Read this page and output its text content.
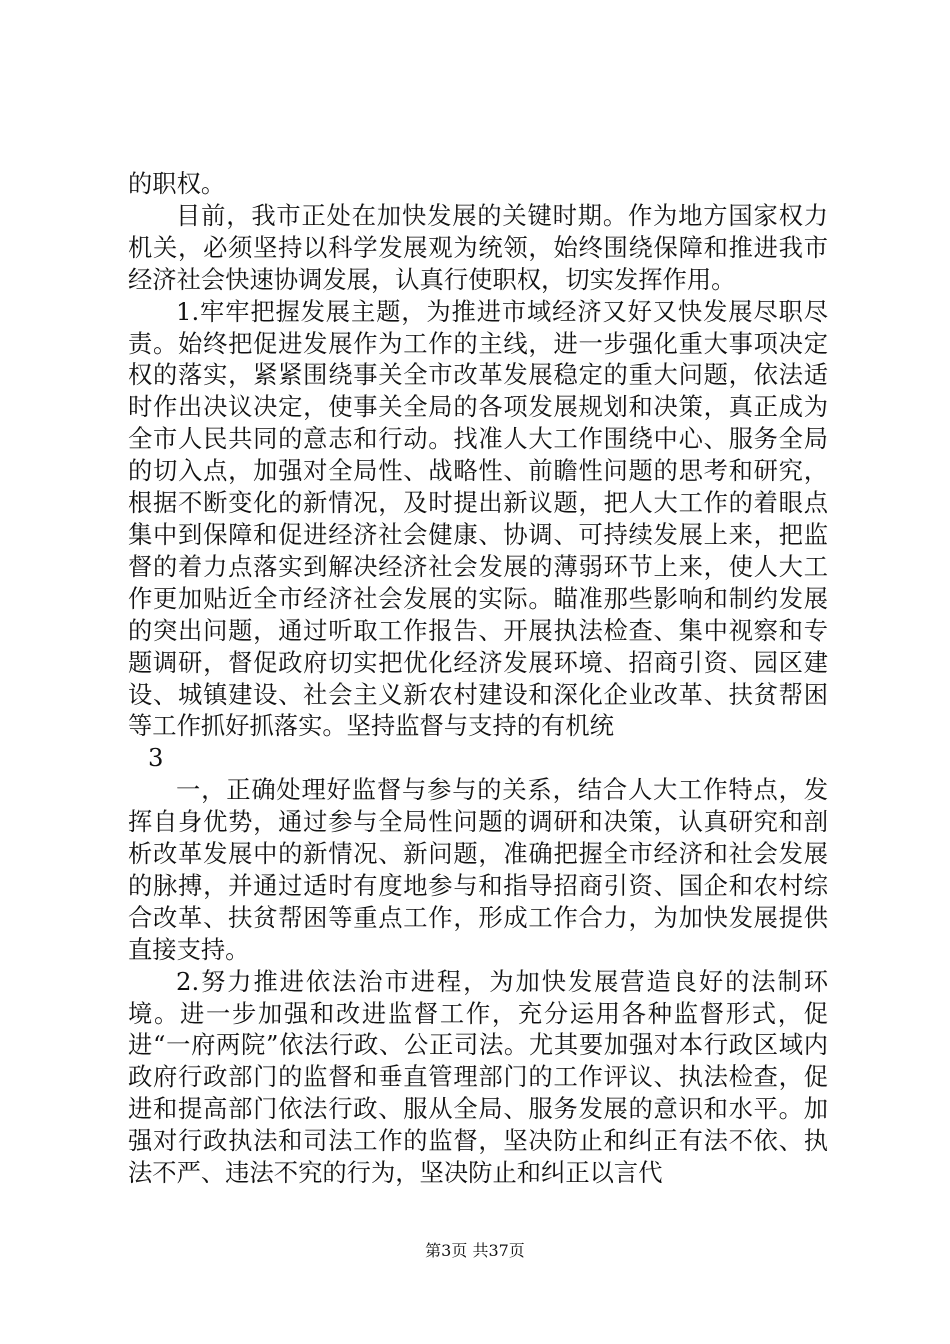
的职权。

目前，我市正处在加快发展的关键时期。作为地方国家权力机关，必须坚持以科学发展观为统领，始终围绕保障和推进我市经济社会快速协调发展，认真行使职权，切实发挥作用。

1.牢牢把握发展主题，为推进市域经济又好又快发展尽职尽责。始终把促进发展作为工作的主线，进一步强化重大事项决定权的落实，紧紧围绕事关全市改革发展稳定的重大问题，依法适时作出决议决定，使事关全局的各项发展规划和决策，真正成为全市人民共同的意志和行动。找准人大工作围绕中心、服务全局的切入点，加强对全局性、战略性、前瞻性问题的思考和研究，根据不断变化的新情况，及时提出新议题，把人大工作的着眼点集中到保障和促进经济社会健康、协调、可持续发展上来，把监督的着力点落实到解决经济社会发展的薄弱环节上来，使人大工作更加贴近全市经济社会发展的实际。瞄准那些影响和制约发展的突出问题，通过听取工作报告、开展执法检查、集中视察和专题调研，督促政府切实把优化经济发展环境、招商引资、园区建设、城镇建设、社会主义新农村建设和深化企业改革、扶贫帮困等工作抓好抓落实。坚持监督与支持的有机统

3

一，正确处理好监督与参与的关系，结合人大工作特点，发挥自身优势，通过参与全局性问题的调研和决策，认真研究和剖析改革发展中的新情况、新问题，准确把握全市经济和社会发展的脉搏，并通过适时有度地参与和指导招商引资、国企和农村综合改革、扶贫帮困等重点工作，形成工作合力，为加快发展提供直接支持。

2.努力推进依法治市进程，为加快发展营造良好的法制环境。进一步加强和改进监督工作，充分运用各种监督形式，促进“一府两院”依法行政、公正司法。尤其要加强对本行政区域内政府行政部门的监督和垂直管理部门的工作评议、执法检查，促进和提高部门依法行政、服从全局、服务发展的意识和水平。加强对行政执法和司法工作的监督，坚决防止和纠正有法不依、执法不严、违法不究的行为，坚决防止和纠正以言代

第3页 共37页
